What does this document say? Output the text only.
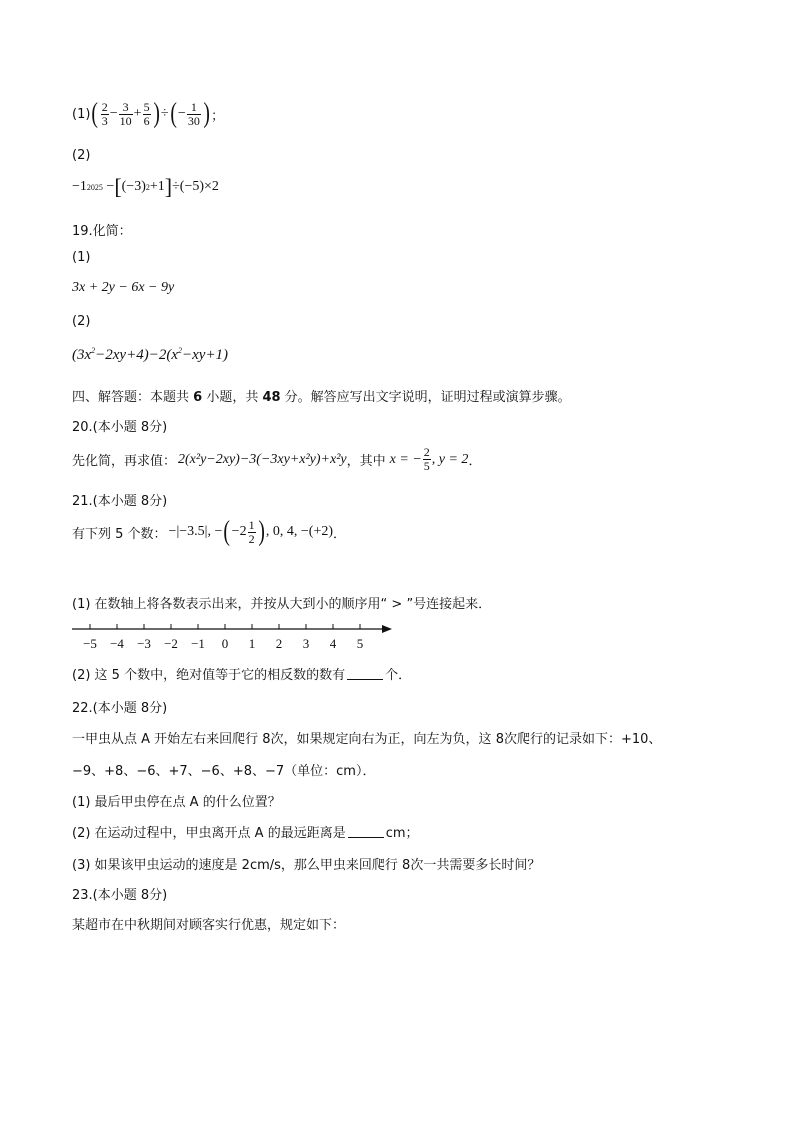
(1) ( $\frac{2}{3} - \frac{3}{10} + \frac{5}{6}$ ) ÷ ( − $\frac{1}{30}$ ) ；
(2)
−1 2025 − [ (−3) 2 +1 ] ÷(−5)×2
19.化简：
(1)
3x + 2y − 6x − 9y
(2)
$(3x^2-2xy+4)-2(x^2-xy+1)$
四、解答题：本题共 6 小题，共 48 分。解答应写出文字说明，证明过程或演算步骤。
20.(本小题 8分)
先化简，再求值： 2(x²y−2xy)−3(−3xy+x²y)+x²y ，其中 x = − $\frac{2}{5}$ , y = 2 ．
21.(本小题 8分)
有下列 5 个数： −|−3.5|, − ( $-2 \frac{1}{2}$ ) , 0, 4, −(+2) ．
(1) 在数轴上将各数表示出来，并按从大到小的顺序用“ > ”号连接起来．
−5 −4 −3 −2 −1 0 1 2 3 4 5
(2) 这 5 个数中，绝对值等于它的相反数的数有	个．
22.(本小题 8分)
一甲虫从点 A 开始左右来回爬行 8次，如果规定向右为正，向左为负，这 8次爬行的记录如下：+10、
−9、+8、−6、+7、−6、+8、−7（单位：cm）．
(1) 最后甲虫停在点 A 的什么位置？
(2) 在运动过程中，甲虫离开点 A 的最远距离是	cm；
(3) 如果该甲虫运动的速度是 2cm/s，那么甲虫来回爬行 8次一共需要多长时间？
23.(本小题 8分)
某超市在中秋期间对顾客实行优惠，规定如下：
